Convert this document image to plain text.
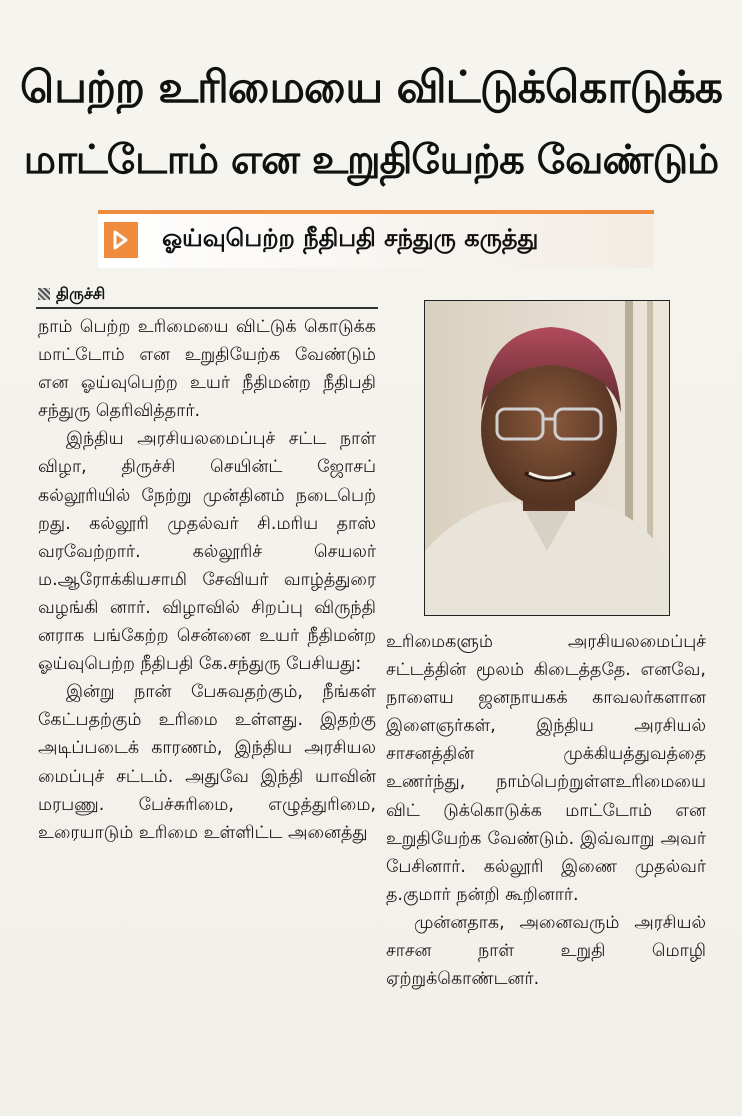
பெற்ற உரிமையை விட்டுக்கொடுக்க
மாட்டோம் என உறுதியேற்க வேண்டும்
ஓய்வுபெற்ற நீதிபதி சந்துரு கருத்து
திருச்சி

நாம் பெற்ற உரிமையை விட்டுக் கொடுக்க மாட்டோம் என உறுதியேற்க வேண்டும் என ஓய்வுபெற்ற உயர் நீதிமன்ற நீதிபதி சந்துரு தெரிவித்தார்.

இந்திய அரசியலமைப்புச் சட்ட நாள் விழா, திருச்சி செயின்ட் ஜோசப் கல்லூரியில் நேற்று முன்தினம் நடைபெற் றது. கல்லூரி முதல்வர் சி.மரிய தாஸ் வரவேற்றார். கல்லூரிச் செயலர் ம.ஆரோக்கியசாமி சேவியர் வாழ்த்துரை வழங்கி னார். விழாவில் சிறப்பு விருந்தி னராக பங்கேற்ற சென்னை உயர் நீதிமன்ற ஓய்வுபெற்ற நீதிபதி கே.சந்துரு பேசியது:

இன்று நான் பேசுவதற்கும், நீங்கள் கேட்பதற்கும் உரிமை உள்ளது. இதற்கு அடிப்படைக் காரணம், இந்திய அரசியல மைப்புச் சட்டம். அதுவே இந்தி யாவின் மரபணு. பேச்சுரிமை, எழுத்துரிமை, உரையாடும் உரிமை உள்ளிட்ட அனைத்து

உரிமைகளும் அரசியலமைப்புச் சட்டத்தின் மூலம் கிடைத்ததே. எனவே, நாளைய ஜனநாயகக் காவலர்களான இளைஞர்கள், இந்திய அரசியல் சாசனத்தின் முக்கியத்துவத்தை உணர்ந்து, நாம்பெற்றுள்ளஉரிமையை விட் டுக்கொடுக்க மாட்டோம் என உறுதியேற்க வேண்டும். இவ்வாறு அவர் பேசினார். கல்லூரி இணை முதல்வர் த.குமார் நன்றி கூறினார்.

முன்னதாக, அனைவரும் அரசியல் சாசன நாள் உறுதி மொழி ஏற்றுக்கொண்டனர்.
